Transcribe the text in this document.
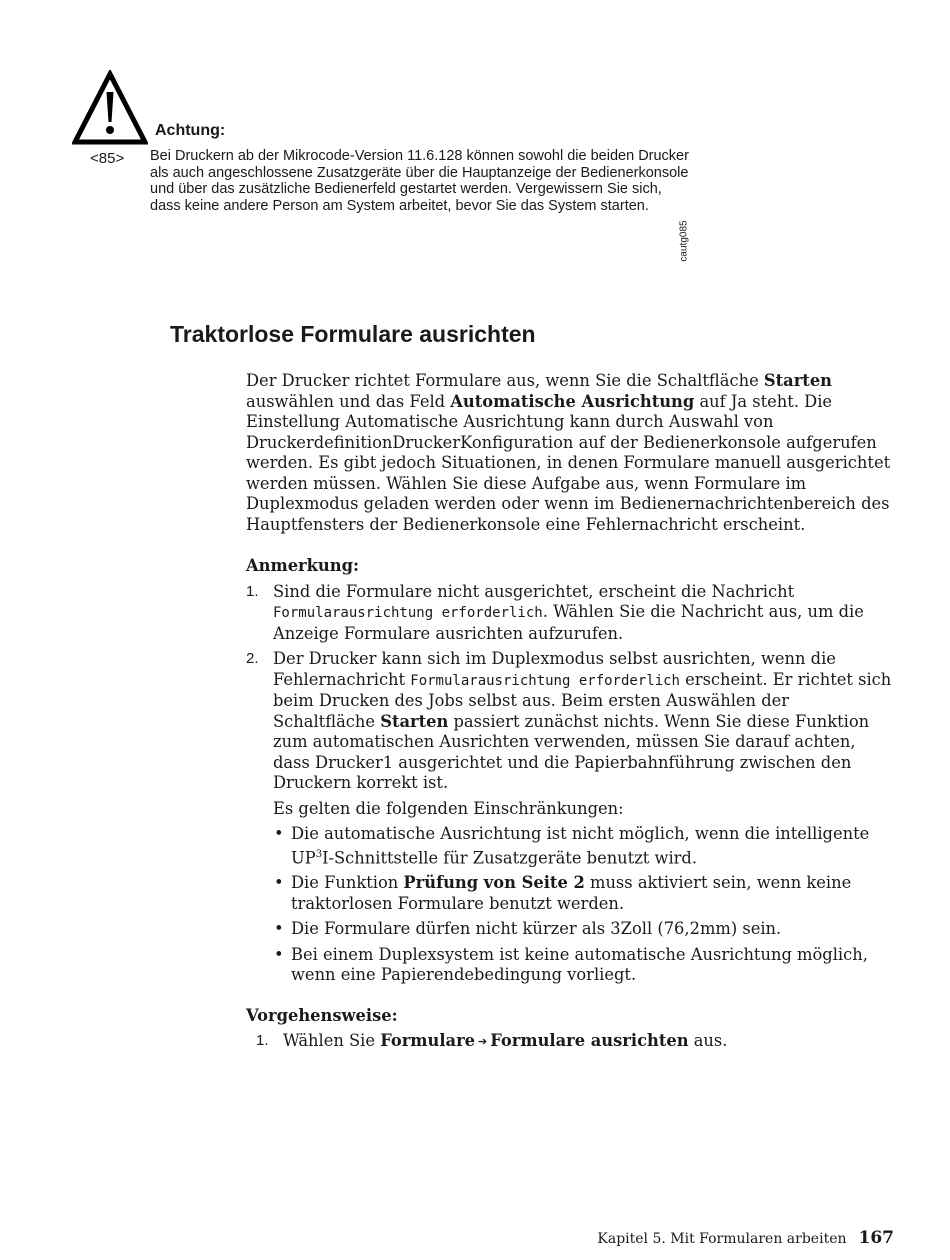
Achtung:
<85> Bei Druckern ab der Mikrocode-Version 11.6.128 können sowohl die beiden Drucker als auch angeschlossene Zusatzgeräte über die Hauptanzeige der Bedienerkonsole und über das zusätzliche Bedienerfeld gestartet werden. Vergewissern Sie sich, dass keine andere Person am System arbeitet, bevor Sie das System starten.
cautg085
Traktorlose Formulare ausrichten

Der Drucker richtet Formulare aus, wenn Sie die Schaltfläche Starten auswählen und das Feld Automatische Ausrichtung auf Ja steht. Die Einstellung Automatische Ausrichtung kann durch Auswahl von DruckerdefinitionDruckerKonfiguration auf der Bedienerkonsole aufgerufen werden. Es gibt jedoch Situationen, in denen Formulare manuell ausgerichtet werden müssen. Wählen Sie diese Aufgabe aus, wenn Formulare im Duplexmodus geladen werden oder wenn im Bedienernachrichtenbereich des Hauptfensters der Bedienerkonsole eine Fehlernachricht erscheint.

Anmerkung:

1. Sind die Formulare nicht ausgerichtet, erscheint die Nachricht Formularausrichtung erforderlich. Wählen Sie die Nachricht aus, um die Anzeige Formulare ausrichten aufzurufen.
2. Der Drucker kann sich im Duplexmodus selbst ausrichten, wenn die Fehlernachricht Formularausrichtung erforderlich erscheint. Er richtet sich beim Drucken des Jobs selbst aus. Beim ersten Auswählen der Schaltfläche Starten passiert zunächst nichts. Wenn Sie diese Funktion zum automatischen Ausrichten verwenden, müssen Sie darauf achten, dass Drucker1 ausgerichtet und die Papierbahnführung zwischen den Druckern korrekt ist.

Es gelten die folgenden Einschränkungen:

• Die automatische Ausrichtung ist nicht möglich, wenn die intelligente $UP^3I$-Schnittstelle für Zusatzgeräte benutzt wird.
• Die Funktion Prüfung von Seite 2 muss aktiviert sein, wenn keine traktorlosen Formulare benutzt werden.
• Die Formulare dürfen nicht kürzer als 3Zoll (76,2mm) sein.
• Bei einem Duplexsystem ist keine automatische Ausrichtung möglich, wenn eine Papierendebedingung vorliegt.

Vorgehensweise:

1. Wählen Sie Formulare ➔ Formulare ausrichten aus.
Kapitel 5. Mit Formularen arbeiten 167
